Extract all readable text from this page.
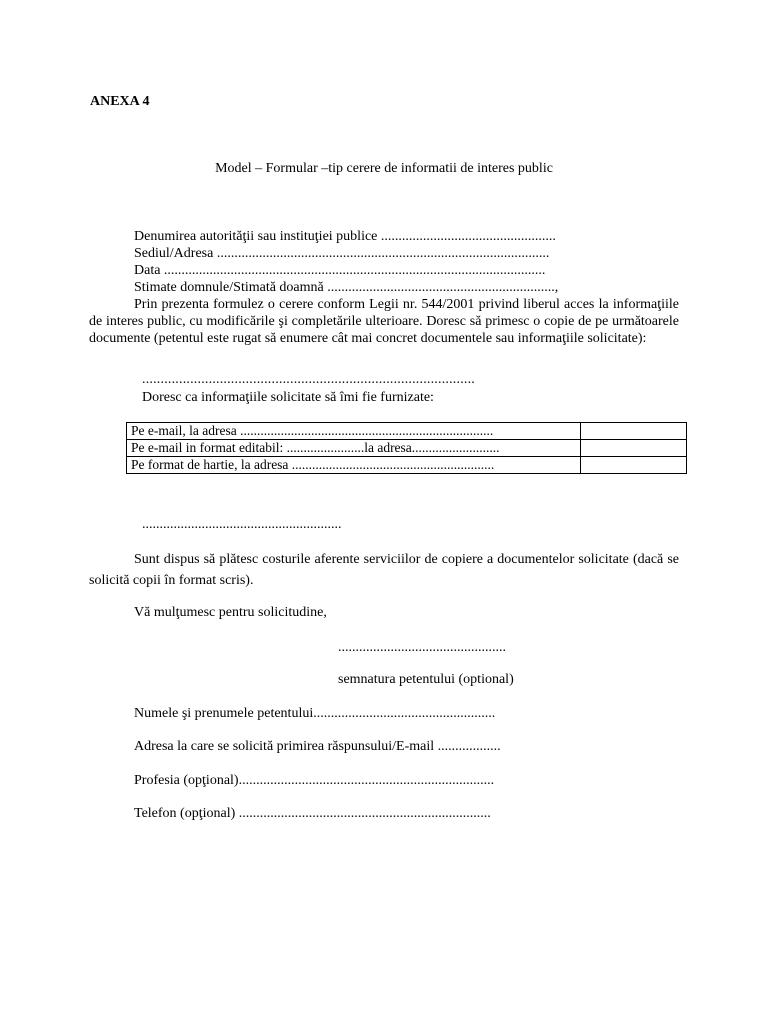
ANEXA 4
Model – Formular –tip cerere de informatii de interes public
Denumirea autorităţii sau instituţiei publice ..................................................
Sediul/Adresa ...............................................................................................
Data .............................................................................................................
Stimate domnule/Stimată doamnă .................................................................,
Prin prezenta formulez o cerere conform Legii nr. 544/2001 privind liberul acces la informaţiile de interes public, cu modificările şi completările ulterioare. Doresc să primesc o copie de pe următoarele documente (petentul este rugat să enumere cât mai concret documentele sau informaţiile solicitate):
..........................................................................................
Doresc ca informaţiile solicitate să îmi fie furnizate:
Pe e-mail, la adresa ...........................................................................	
Pe e-mail in format editabil: .......................la adresa..........................	
Pe format de hartie, la adresa ............................................................	
.........................................................
Sunt dispus să plătesc costurile aferente serviciilor de copiere a documentelor solicitate (dacă se solicită copii în format scris).
Vă mulţumesc pentru solicitudine,
................................................
semnatura petentului (optional)
Numele şi prenumele petentului....................................................
Adresa la care se solicită primirea răspunsului/E-mail ..................
Profesia (opţional).........................................................................
Telefon (opţional) ........................................................................
